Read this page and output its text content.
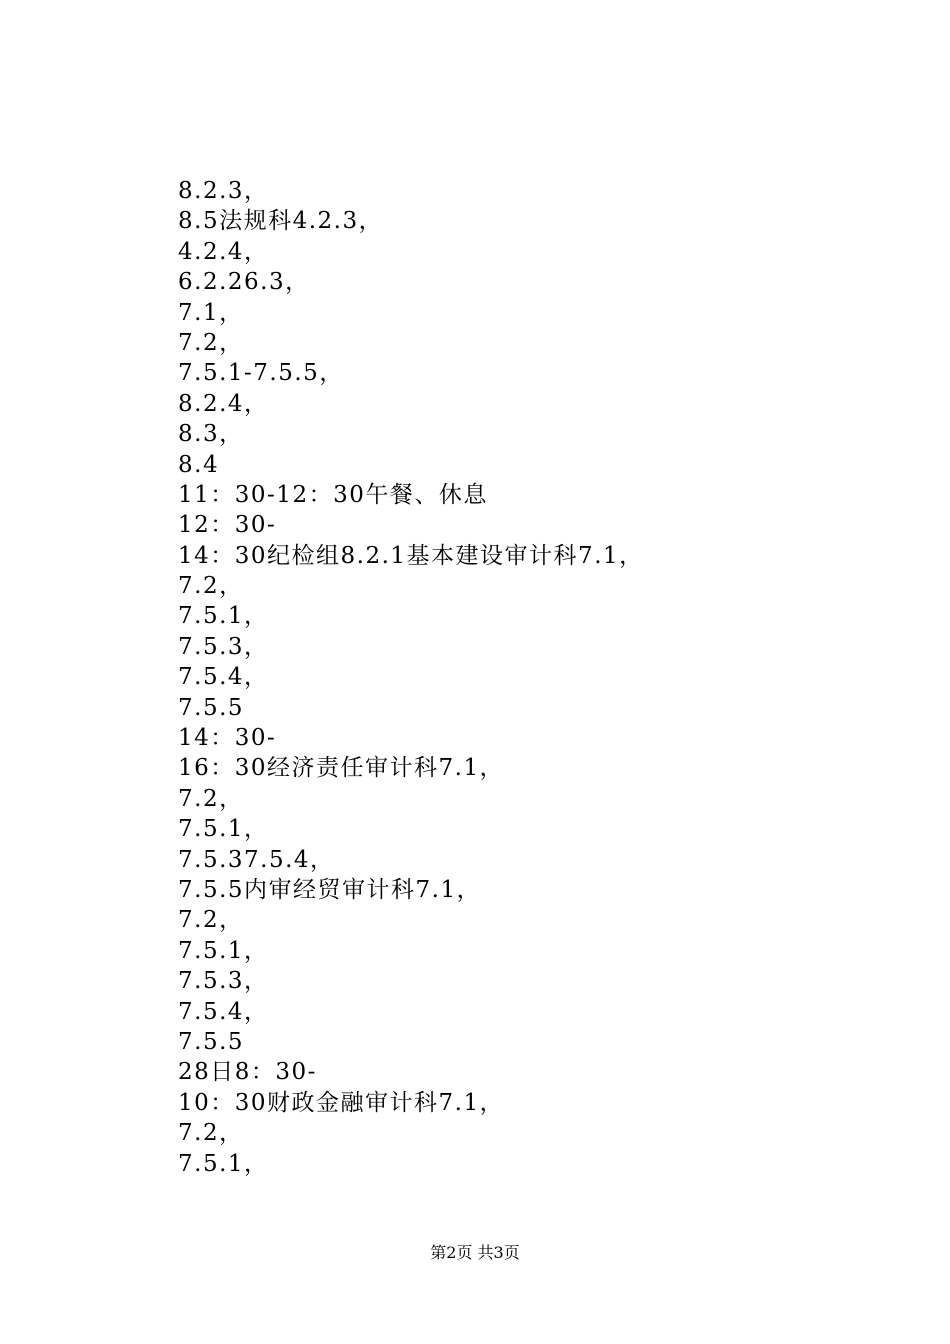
8.2.3，
8.5法规科4.2.3，
4.2.4，
6.2.26.3，
7.1，
7.2，
7.5.1-7.5.5，
8.2.4，
8.3，
8.4
11：30-12：30午餐、休息
12：30-
14：30纪检组8.2.1基本建设审计科7.1，
7.2，
7.5.1，
7.5.3，
7.5.4，
7.5.5
14：30-
16：30经济责任审计科7.1，
7.2，
7.5.1，
7.5.37.5.4，
7.5.5内审经贸审计科7.1，
7.2，
7.5.1，
7.5.3，
7.5.4，
7.5.5
28日8：30-
10：30财政金融审计科7.1，
7.2，
7.5.1，
第2页 共3页
